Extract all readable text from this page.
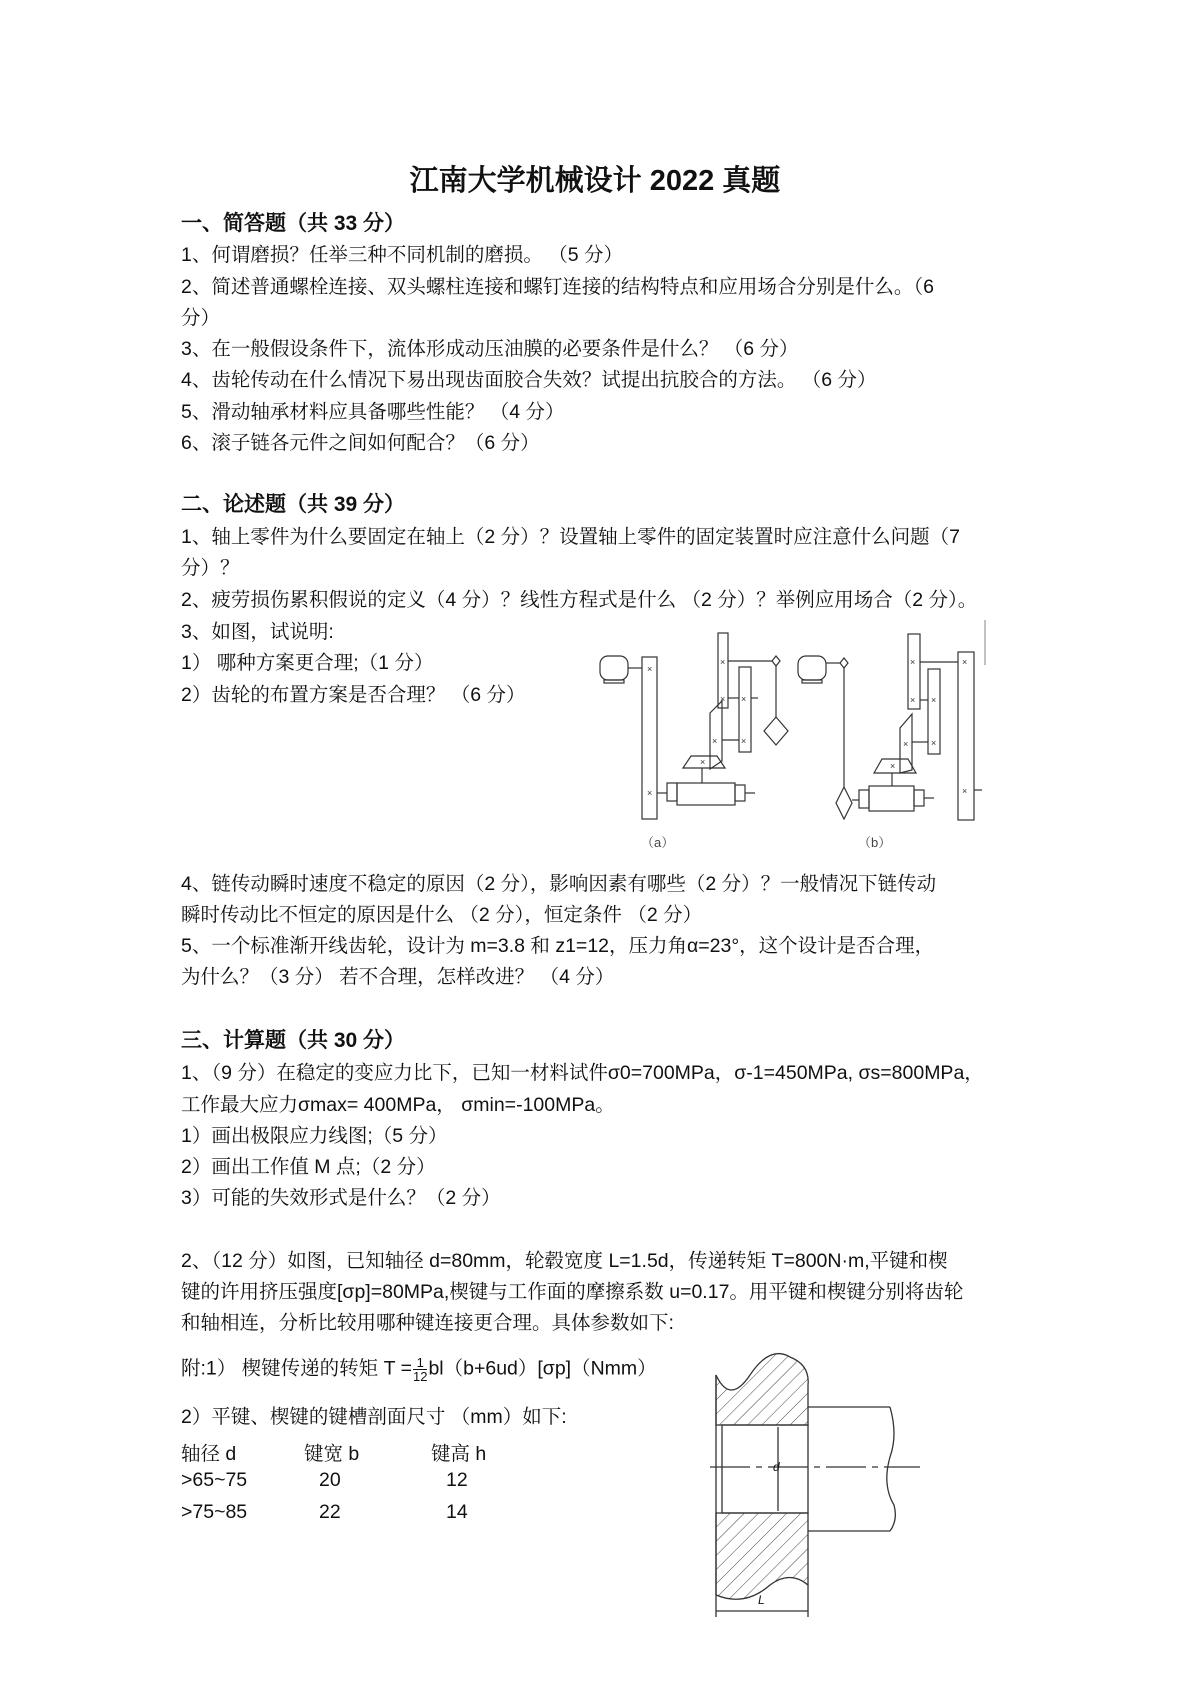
江南大学机械设计 2022 真题
一、简答题（共 33 分）
1、何谓磨损？任举三种不同机制的磨损。 （5 分）
2、简述普通螺栓连接、双头螺柱连接和螺钉连接的结构特点和应用场合分别是什么。（6
分）
3、在一般假设条件下，流体形成动压油膜的必要条件是什么？ （6 分）
4、齿轮传动在什么情况下易出现齿面胶合失效？试提出抗胶合的方法。 （6 分）
5、滑动轴承材料应具备哪些性能？ （4 分）
6、滚子链各元件之间如何配合？（6 分）
二、论述题（共 39 分）
1、轴上零件为什么要固定在轴上（2 分）？设置轴上零件的固定装置时应注意什么问题（7
分）？
2、疲劳损伤累积假说的定义（4 分）？线性方程式是什么 （2 分）？举例应用场合（2 分）。
3、如图，试说明:
1） 哪种方案更合理;（1 分）
2）齿轮的布置方案是否合理？ （6 分）
×
×
×
× ×
×
×
×
×
× ×
×
×
×
×
×
（a）	（b）
4、链传动瞬时速度不稳定的原因（2 分），影响因素有哪些（2 分）？一般情况下链传动
瞬时传动比不恒定的原因是什么 （2 分），恒定条件 （2 分）
5、一个标准渐开线齿轮，设计为 m=3.8 和 z1=12，压力角α=23°，这个设计是否合理，
为什么？（3 分） 若不合理，怎样改进？ （4 分）
三、计算题（共 30 分）
1、（9 分）在稳定的变应力比下，已知一材料试件σ0=700MPa，σ-1=450MPa, σs=800MPa，
工作最大应力σmax= 400MPa， σmin=-100MPa。
1）画出极限应力线图;（5 分）
2）画出工作值 M 点;（2 分）
3）可能的失效形式是什么？（2 分）
2、（12 分）如图，已知轴径 d=80mm，轮毂宽度 L=1.5d，传递转矩 T=800N·m,平键和楔
键的许用挤压强度[σp]=80MPa,楔键与工作面的摩擦系数 u=0.17。用平键和楔键分别将齿轮
和轴相连，分析比较用哪种键连接更合理。具体参数如下:
附:1） 楔键传递的转矩 $T = \frac{1}{12} bl(b+6ud)[\sigma p](Nmm)$
2）平键、楔键的键槽剖面尺寸 （mm）如下:
轴径 d	键宽 b	键高 h
>65~75	20	12
>75~85	22	14
d
L
